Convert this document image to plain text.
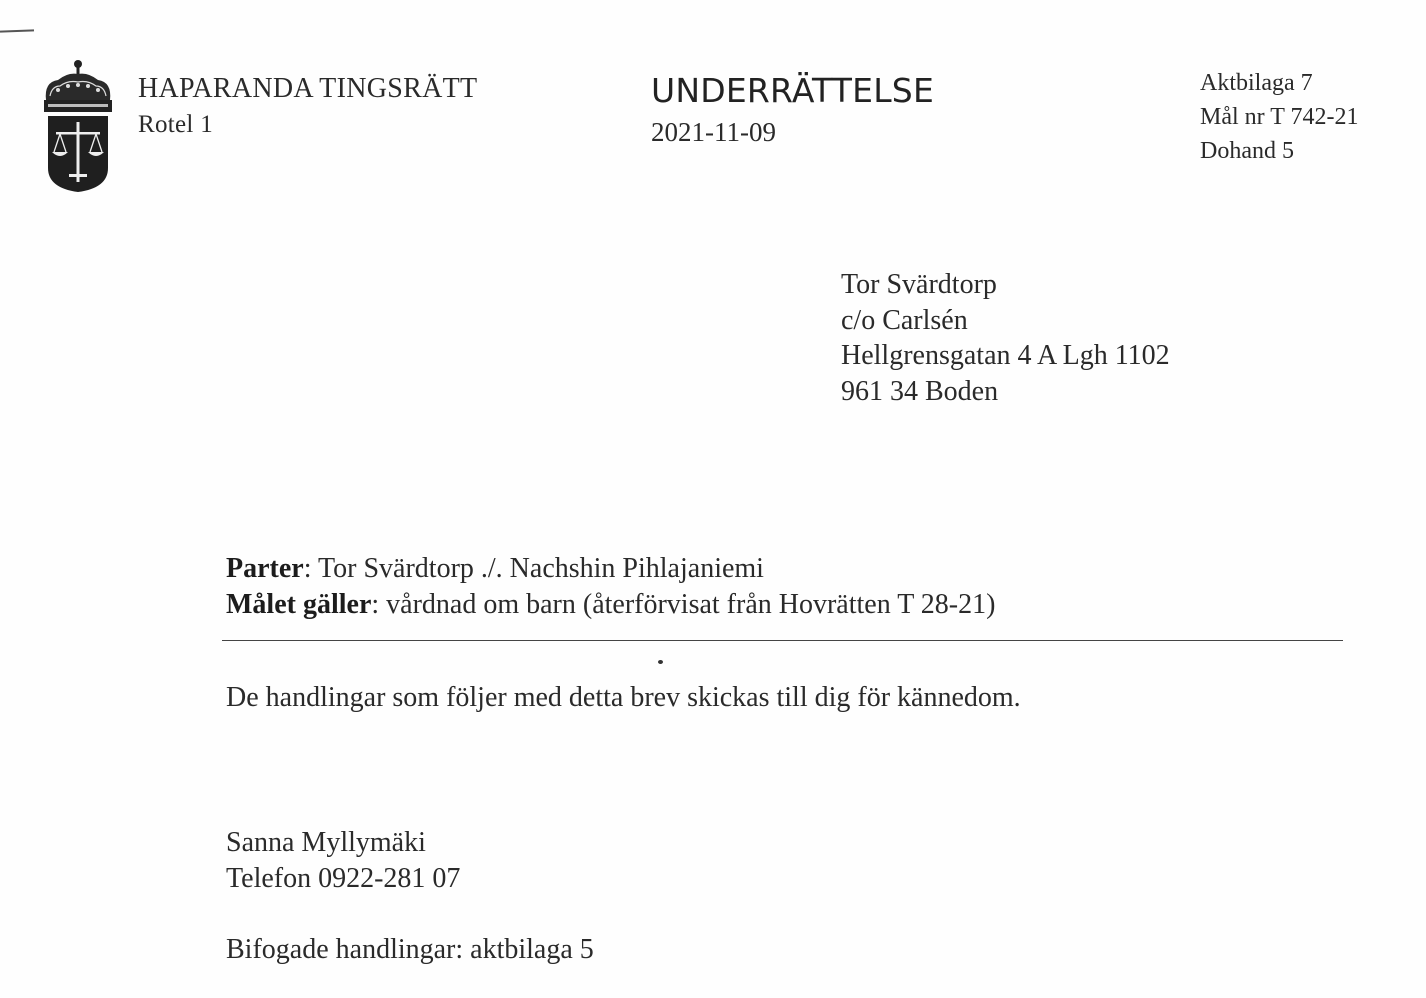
HAPARANDA TINGSRÄTT
Rotel 1
UNDERRÄTTELSE
2021-11-09
Aktbilaga 7
Mål nr T 742-21
Dohand 5
Tor Svärdtorp
c/o Carlsén
Hellgrensgatan 4 A Lgh 1102
961 34 Boden
Parter: Tor Svärdtorp ./. Nachshin Pihlajaniemi
Målet gäller: vårdnad om barn (återförvisat från Hovrätten T 28-21)
De handlingar som följer med detta brev skickas till dig för kännedom.
Sanna Myllymäki
Telefon 0922-281 07
Bifogade handlingar: aktbilaga 5
